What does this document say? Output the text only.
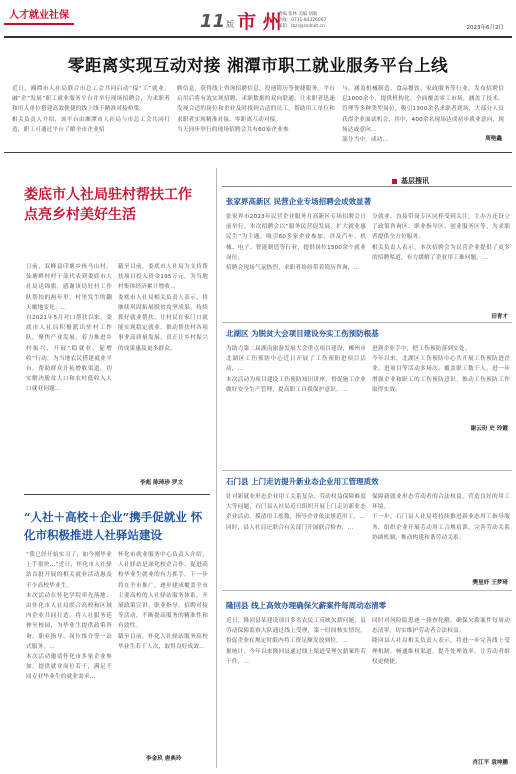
人才就业社保	11 版 市 州
责编 张林 美编 胡敏
热线：0731-84326007
邮箱：lbzr@rednet.cn	2023年6月2日
零距离实现互动对接 湘潭市职工就业服务平台上线
近日，湘潭市人社局联合市总工会共同启动“保“工”就业，融“企”发展”职工就业服务平台并举行现场招聘会，为求职者和用人单位搭建高效便捷的线上线下精准对接桥梁。
相关负责人介绍，该平台由湘潭市人社局与市总工会共同打造，职工可通过平台了解全市企业招
聘信息，获得线上咨询招聘信息，投递简历等便捷服务。平台启用后将有效实现招聘、求职数据的双向联通，让求职者迅速发现合适的岗位和企业及时找到合适的员工，帮助用工单位和求职者实现精准对接、零距离互动对接。
当天同步举行的现场招聘会共有60家企业参
与，涵盖机械制造、食品餐饮、家政服务等行业，发布招聘信息1000余个，提供机构化，全面覆盖零工市场，涵盖了技术、管理等多种类型岗位，吸引1300余名求职者到场，大部分人员获得企业面试机会，其中，400余名现场达成初步就业意向，现场达成意向…
部分当中，成功…	周艳鑫
娄底市人社局驻村帮扶工作点亮乡村美好生活
日前，双峰县印塘乡孩马山村、仙塘畔村村干部代表到娄底市人社局送锦旗，感谢该局驻村工作队帮扶的两年里，村里发生的翻天覆地变化。…
自2021年5月对口帮扶以来，娄底市人社局积极派出驻村工作队，聚焦产业发展，着力推进乡村振兴，开展“稳就业、促增收”行动，为当地农民搭建就业平台，帮助群众开拓增收渠道，切实解决脱贫人口和农村低收入人口就业问题…
截至目前，娄底市人社局为支持帮扶项目投入资金195万元，为当地村集体经济累计增收…
娄底市人社局相关负责人表示，将继续巩固拓展脱贫攻坚成果，持续抓好就业帮扶，让村民在家门口就能实现稳定就业，推动帮扶村各项事业高质量发展，真正让乡村振兴的成果惠及更多群众。
李彪 陈琦珍 罗文
“人社＋高校＋企业”携手促就业 怀化市积极推进人社驿站建设
“我已经开始实习了，如今刚毕业上手很快…”近日，怀化市人社驿站首批开展的相关就业活动惠及不少高校毕业生。
本次活动在怀化学院率先落地，由怀化市人社局联合高校和区域内企业共同打造，将人社服务延伸至校园，为毕业生提供政策咨询、职业指导、岗位推介等一站式服务。…
本次活动邀请怀化市多家企业参加，提供就业岗位若干，满足不同专业毕业生的就业需求…
怀化市就业服务中心负责人介绍，人社驿站是深化校企合作、促进高校毕业生就业的有力抓手，下一步将在全市推广，逐步建成覆盖全市主要高校的人社驿站服务体系，开展政策宣讲、职业指导、招聘对接等活动，不断提高服务的精准性和有效性。
截至目前，怀化人社驿站服务高校毕业生若干人次，取得良好成效…
李金玖 唐典玲
基层搜讯
张家界高新区 民营企业专场招聘会成效显著
张家界市2023年民营企业服务月高新区专场招聘会日前举行。本次招聘会以“服务民营促发展、扩大就业惠民生”为主题，吸引60多家企业参加，涉及汽车、机械、电子、智能制造等行业，提供岗位1500余个就业岗位。
招聘会现场气氛热烈，求职者纷纷带着简历咨询，…
分就业、直接带岗专区同样受到关注，主办方还设立了政策咨询区、职业指导区、创业服务区等，为求职者提供全方位服务。
相关负责人表示，本次招聘会为民营企业提供了更多的招聘渠道，有力缓解了企业用工难问题，…
田青才
北湖区 为脱贫大会项目建设夯实工伤预防根基
为助力第二届湖南旅游发展大会重点项目建设，郴州市北湖区工伤预防中心近日开展了工伤预防进项目活动，…
本次活动为项目建设工伤预防知识讲座，督促施工企业做好安全生产管理，提高职工自我保护意识。…
进到企业手中，把工伤预防落到实处。
今年以来，北湖区工伤预防中心共开展工伤预防进企业、进项目等活动多场次，覆盖职工数千人，进一步增强企业和职工的工伤预防意识，推动工伤预防工作取得实效。
谢云玢 史 玲霞
石门县 上门走访提升新业态企业用工管理质效
针对新就业形态企业用工关系复杂、劳动权益保障难度大等问题，石门县人社局近日组织开展上门走访新业态企业活动，摸清用工底数，指导企业依法规范用工，…
同时，县人社局还联合有关部门开展联合检查，…
保障新就业形态劳动者的合法权益，营造良好的用工环境。
下一步，石门县人社局将持续推进新业态用工指导服务，组织企业开展劳动用工合规培训，完善劳动关系协调机制，推动构建和谐劳动关系。
樊星妤 王梦琦
隆回县 线上高效办理确保欠薪案件每周动态清零
近日，隆回县某建设项目多名农民工反映欠薪问题，县劳动保障监察大队通过线上受理，第一时间核实情况，督促企业在规定时限内将工资足额发放到位，…
据统计，今年以来隆回县通过线上渠道受理欠薪案件若干件，…
同时对风险隐患逐一排查化解，确保欠薪案件每周动态清零，切实维护劳动者合法权益。
隆回县人社局相关负责人表示，将进一步完善线上受理机制，畅通维权渠道，提升处理效率，让劳动者维权更便捷。
肖江平 袁坤鹏
